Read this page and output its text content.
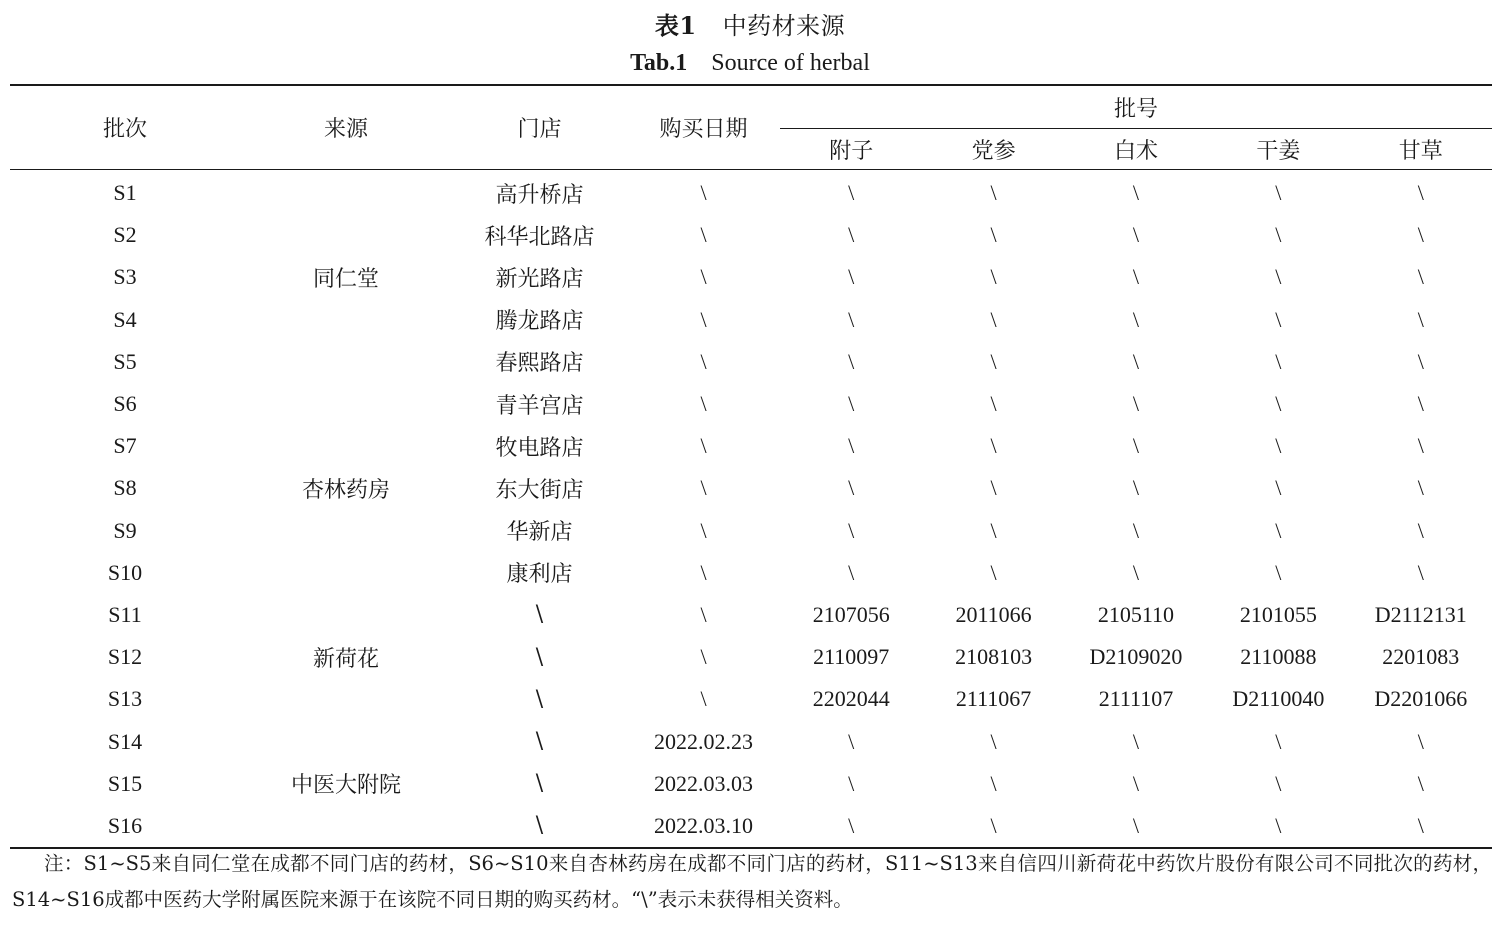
表1 中药材来源
Tab.1 Source of herbal
批次	来源	门店	购买日期	批号				
				附子	党参	白术	干姜	甘草
S1	同仁堂	高升桥店	\	\	\	\	\	\
S2		科华北路店	\	\	\	\	\	\
S3		新光路店	\	\	\	\	\	\
S4		腾龙路店	\	\	\	\	\	\
S5		春熙路店	\	\	\	\	\	\
S6	杏林药房	青羊宫店	\	\	\	\	\	\
S7		牧电路店	\	\	\	\	\	\
S8		东大街店	\	\	\	\	\	\
S9		华新店	\	\	\	\	\	\
S10		康利店	\	\	\	\	\	\
S11	新荷花	\	\	2107056	2011066	2105110	2101055	D2112131
S12		\	\	2110097	2108103	D2109020	2110088	2201083
S13		\	\	2202044	2111067	2111107	D2110040	D2201066
S14	中医大附院	\	2022.02.23	\	\	\	\	\
S15		\	2022.03.03	\	\	\	\	\
S16		\	2022.03.10	\	\	\	\	\
注：S1~S5来自同仁堂在成都不同门店的药材，S6~S10来自杏林药房在成都不同门店的药材，S11~S13来自信四川新荷花中药饮片股份有限公司不同批次的药材，S14~S16成都中医药大学附属医院来源于在该院不同日期的购买药材。“\”表示未获得相关资料。
